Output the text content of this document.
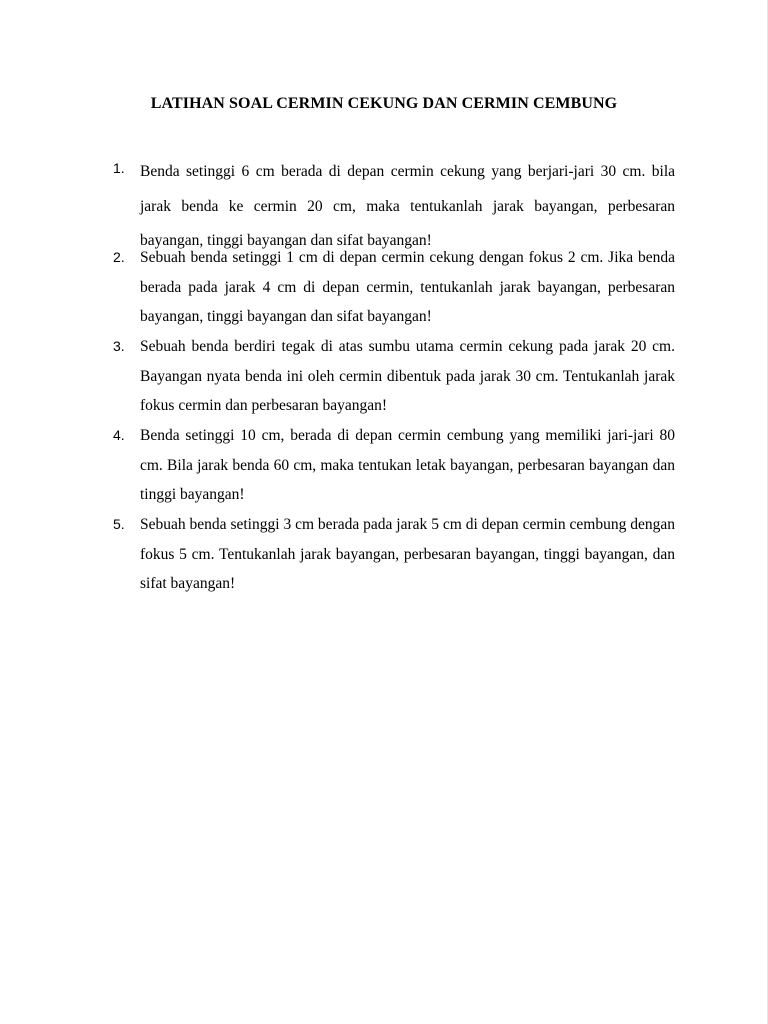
LATIHAN SOAL CERMIN CEKUNG DAN CERMIN CEMBUNG
1. Benda setinggi 6 cm berada di depan cermin cekung yang berjari-jari 30 cm. bila jarak benda ke cermin 20 cm, maka tentukanlah jarak bayangan, perbesaran bayangan, tinggi bayangan dan sifat bayangan!

2. Sebuah benda setinggi 1 cm di depan cermin cekung dengan fokus 2 cm. Jika benda berada pada jarak 4 cm di depan cermin, tentukanlah jarak bayangan, perbesaran bayangan, tinggi bayangan dan sifat bayangan!

3. Sebuah benda berdiri tegak di atas sumbu utama cermin cekung pada jarak 20 cm. Bayangan nyata benda ini oleh cermin dibentuk pada jarak 30 cm. Tentukanlah jarak fokus cermin dan perbesaran bayangan!

4. Benda setinggi 10 cm, berada di depan cermin cembung yang memiliki jari-jari 80 cm. Bila jarak benda 60 cm, maka tentukan letak bayangan, perbesaran bayangan dan tinggi bayangan!

5. Sebuah benda setinggi 3 cm berada pada jarak 5 cm di depan cermin cembung dengan fokus 5 cm. Tentukanlah jarak bayangan, perbesaran bayangan, tinggi bayangan, dan sifat bayangan!
